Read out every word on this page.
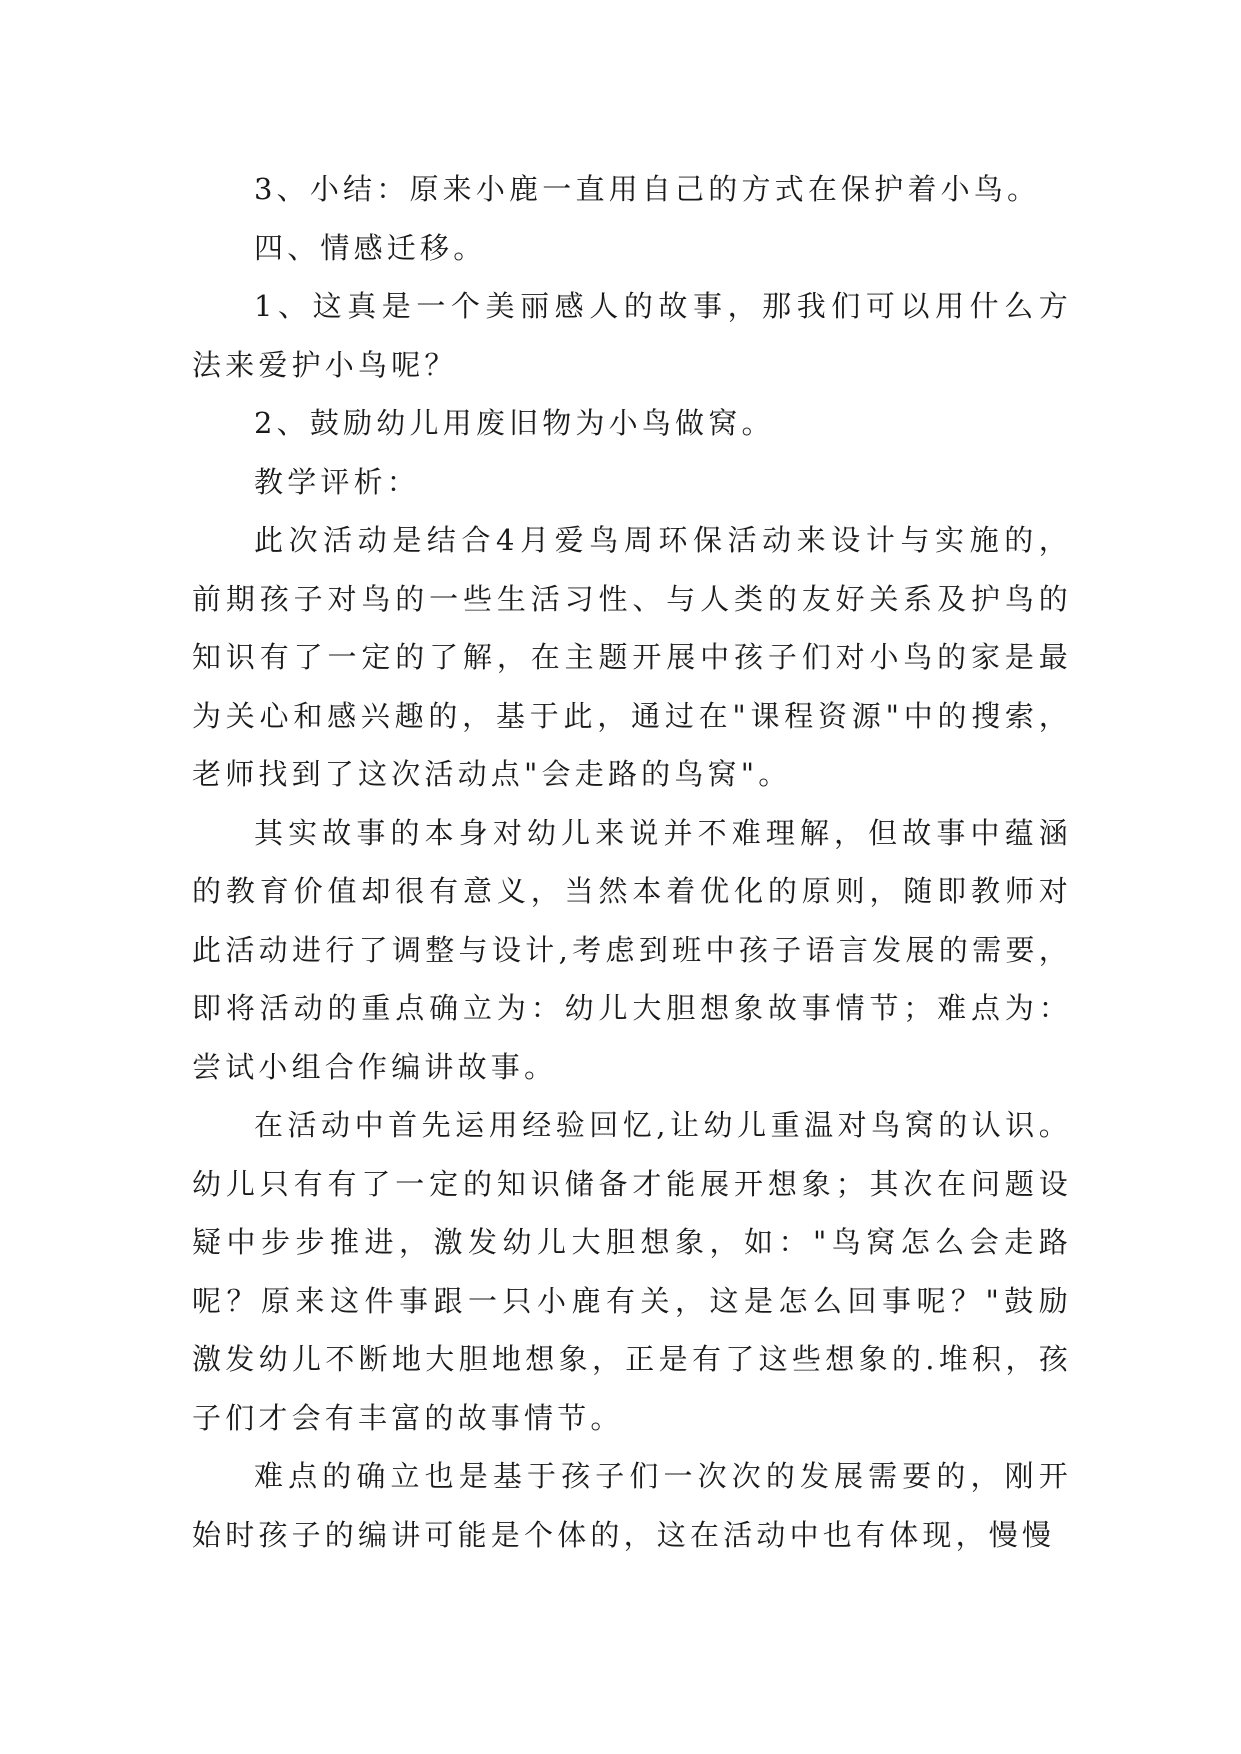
3、小结：原来小鹿一直用自己的方式在保护着小鸟。

四、情感迁移。

1、这真是一个美丽感人的故事，那我们可以用什么方法来爱护小鸟呢？

2、鼓励幼儿用废旧物为小鸟做窝。

教学评析：

此次活动是结合4月爱鸟周环保活动来设计与实施的，前期孩子对鸟的一些生活习性、与人类的友好关系及护鸟的知识有了一定的了解，在主题开展中孩子们对小鸟的家是最为关心和感兴趣的，基于此，通过在"课程资源"中的搜索，老师找到了这次活动点"会走路的鸟窝"。

其实故事的本身对幼儿来说并不难理解，但故事中蕴涵的教育价值却很有意义，当然本着优化的原则，随即教师对此活动进行了调整与设计,考虑到班中孩子语言发展的需要，即将活动的重点确立为：幼儿大胆想象故事情节；难点为：尝试小组合作编讲故事。

在活动中首先运用经验回忆,让幼儿重温对鸟窝的认识。幼儿只有有了一定的知识储备才能展开想象；其次在问题设疑中步步推进，激发幼儿大胆想象，如："鸟窝怎么会走路呢？原来这件事跟一只小鹿有关，这是怎么回事呢？"鼓励激发幼儿不断地大胆地想象，正是有了这些想象的.堆积，孩子们才会有丰富的故事情节。

难点的确立也是基于孩子们一次次的发展需要的，刚开始时孩子的编讲可能是个体的，这在活动中也有体现，慢慢
